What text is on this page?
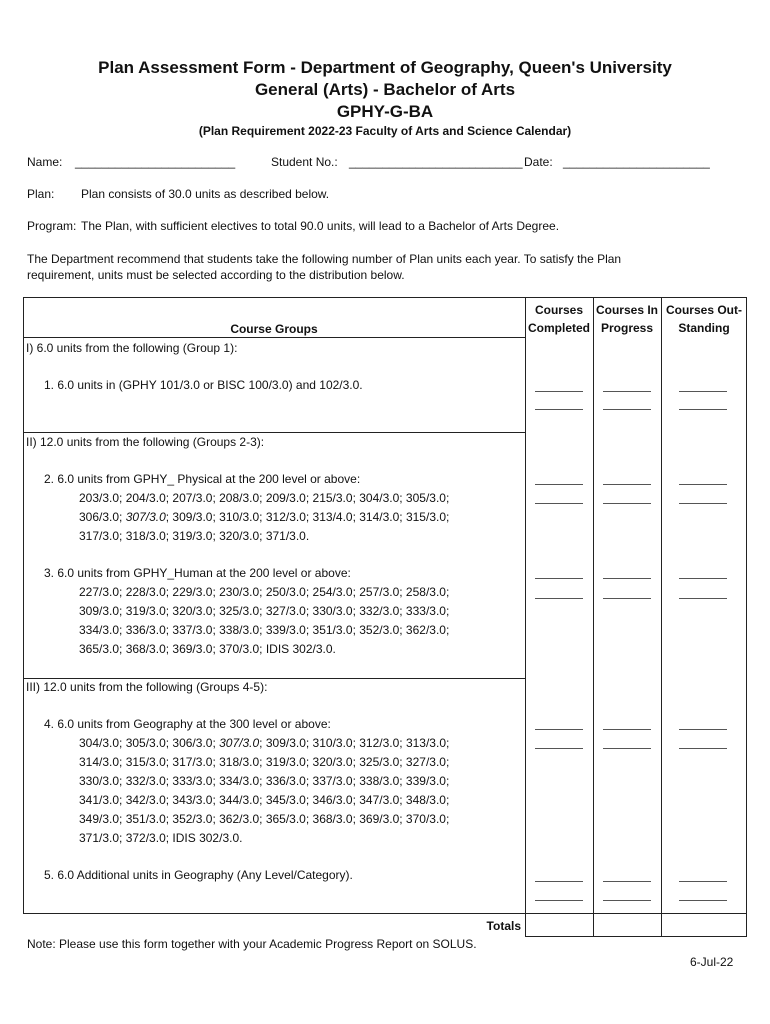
Plan Assessment Form - Department of Geography, Queen's University
General (Arts) - Bachelor of Arts
GPHY-G-BA
(Plan Requirement 2022-23 Faculty of Arts and Science Calendar)
Name: ________________________	Student No.: __________________________ Date: ______________________
Plan: Plan consists of 30.0 units as described below.
Program: The Plan, with sufficient electives to total 90.0 units, will lead to a Bachelor of Arts Degree.
The Department recommend that students take the following number of Plan units each year. To satisfy the Plan requirement, units must be selected according to the distribution below.
Course Groups
Courses
Completed
Courses In
Progress
Courses Out-
Standing
I) 6.0 units from the following (Group 1):
1. 6.0 units in (GPHY 101/3.0 or BISC 100/3.0) and 102/3.0.
II) 12.0 units from the following (Groups 2-3):
2. 6.0 units from GPHY_ Physical at the 200 level or above:
203/3.0; 204/3.0; 207/3.0; 208/3.0; 209/3.0; 215/3.0; 304/3.0; 305/3.0;
306/3.0; 307/3.0; 309/3.0; 310/3.0; 312/3.0; 313/4.0; 314/3.0; 315/3.0;
317/3.0; 318/3.0; 319/3.0; 320/3.0; 371/3.0.
3. 6.0 units from GPHY_Human at the 200 level or above:
227/3.0; 228/3.0; 229/3.0; 230/3.0; 250/3.0; 254/3.0; 257/3.0; 258/3.0;
309/3.0; 319/3.0; 320/3.0; 325/3.0; 327/3.0; 330/3.0; 332/3.0; 333/3.0;
334/3.0; 336/3.0; 337/3.0; 338/3.0; 339/3.0; 351/3.0; 352/3.0; 362/3.0;
365/3.0; 368/3.0; 369/3.0; 370/3.0; IDIS 302/3.0.
III) 12.0 units from the following (Groups 4-5):
4. 6.0 units from Geography at the 300 level or above:
304/3.0; 305/3.0; 306/3.0; 307/3.0; 309/3.0; 310/3.0; 312/3.0; 313/3.0;
314/3.0; 315/3.0; 317/3.0; 318/3.0; 319/3.0; 320/3.0; 325/3.0; 327/3.0;
330/3.0; 332/3.0; 333/3.0; 334/3.0; 336/3.0; 337/3.0; 338/3.0; 339/3.0;
341/3.0; 342/3.0; 343/3.0; 344/3.0; 345/3.0; 346/3.0; 347/3.0; 348/3.0;
349/3.0; 351/3.0; 352/3.0; 362/3.0; 365/3.0; 368/3.0; 369/3.0; 370/3.0;
371/3.0; 372/3.0; IDIS 302/3.0.
5. 6.0 Additional units in Geography (Any Level/Category).
Totals
Note: Please use this form together with your Academic Progress Report on SOLUS.
6-Jul-22
